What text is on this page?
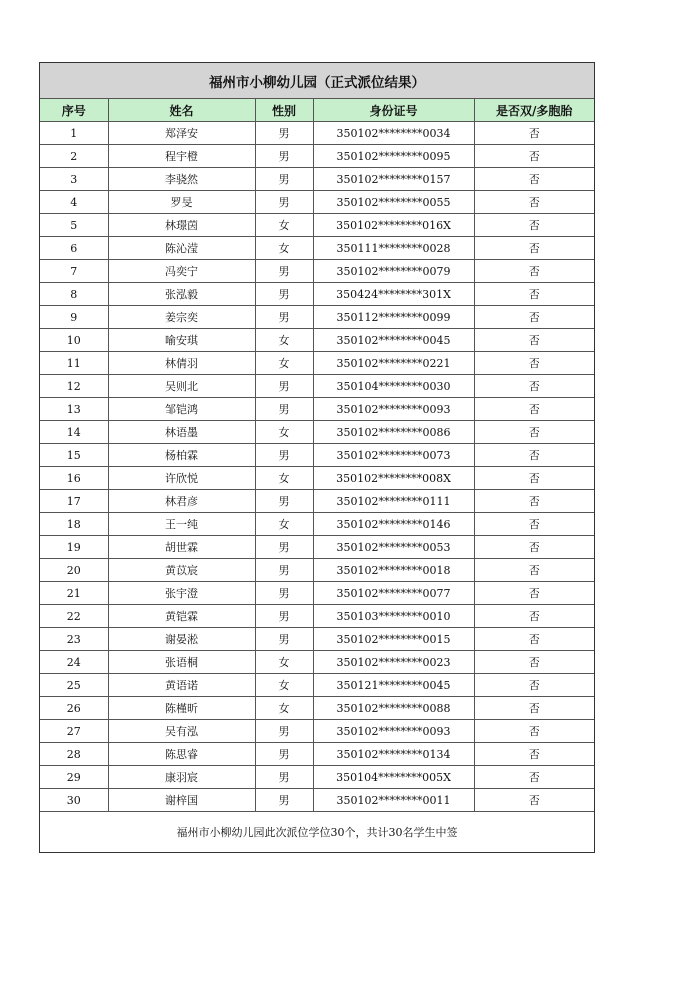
福州市小柳幼儿园（正式派位结果）				
序号	姓名	性别	身份证号	是否双/多胞胎
1	郑泽安	男	350102********0034	否
2	程宇橙	男	350102********0095	否
3	李骁然	男	350102********0157	否
4	罗旻	男	350102********0055	否
5	林璟茵	女	350102********016X	否
6	陈沁滢	女	350111********0028	否
7	冯奕宁	男	350102********0079	否
8	张泓毅	男	350424********301X	否
9	姜宗奕	男	350112********0099	否
10	喻安琪	女	350102********0045	否
11	林倩羽	女	350102********0221	否
12	吴则北	男	350104********0030	否
13	邹铠鸿	男	350102********0093	否
14	林语墨	女	350102********0086	否
15	杨柏霖	男	350102********0073	否
16	许欣悦	女	350102********008X	否
17	林君彦	男	350102********0111	否
18	王一纯	女	350102********0146	否
19	胡世霖	男	350102********0053	否
20	黄苡宸	男	350102********0018	否
21	张宇澄	男	350102********0077	否
22	黄铠霖	男	350103********0010	否
23	谢晏淞	男	350102********0015	否
24	张语桐	女	350102********0023	否
25	黄语诺	女	350121********0045	否
26	陈槿昕	女	350102********0088	否
27	吴有泓	男	350102********0093	否
28	陈思睿	男	350102********0134	否
29	康羽宸	男	350104********005X	否
30	谢梓国	男	350102********0011	否
福州市小柳幼儿园此次派位学位30个，共计30名学生中签				
